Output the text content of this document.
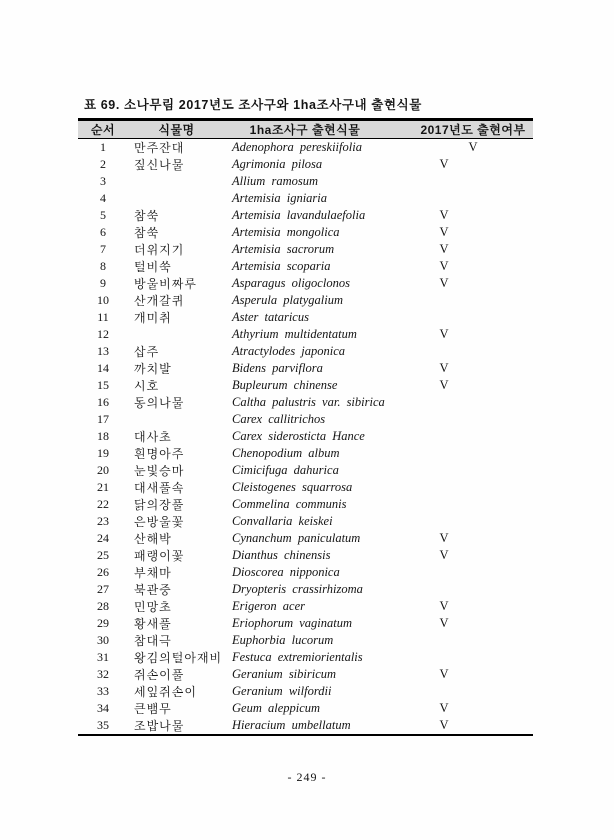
표 69. 소나무림 2017년도 조사구와 1ha조사구내 출현식물
순서	식물명	1ha조사구 출현식물	2017년도 출현여부
1	만주잔대	Adenophora pereskiifolia	V
2	짚신나물	Agrimonia pilosa	V
3		Allium ramosum	
4		Artemisia igniaria	
5	참쑥	Artemisia lavandulaefolia	V
6	참쑥	Artemisia mongolica	V
7	더위지기	Artemisia sacrorum	V
8	털비쑥	Artemisia scoparia	V
9	방울비짜루	Asparagus oligoclonos	V
10	산개갈퀴	Asperula platygalium	
11	개미취	Aster tataricus	
12		Athyrium multidentatum	V
13	삽주	Atractylodes japonica	
14	까치발	Bidens parviflora	V
15	시호	Bupleurum chinense	V
16	동의나물	Caltha palustris var. sibirica	
17		Carex callitrichos	
18	대사초	Carex siderosticta Hance	
19	흰명아주	Chenopodium album	
20	눈빛승마	Cimicifuga dahurica	
21	대새풀속	Cleistogenes squarrosa	
22	닭의장풀	Commelina communis	
23	은방울꽃	Convallaria keiskei	
24	산해박	Cynanchum paniculatum	V
25	패랭이꽃	Dianthus chinensis	V
26	부채마	Dioscorea nipponica	
27	북관중	Dryopteris crassirhizoma	
28	민망초	Erigeron acer	V
29	황새풀	Eriophorum vaginatum	V
30	참대극	Euphorbia lucorum	
31	왕김의털아재비	Festuca extremiorientalis	
32	쥐손이풀	Geranium sibiricum	V
33	세잎쥐손이	Geranium wilfordii	
34	큰뱀무	Geum aleppicum	V
35	조밥나물	Hieracium umbellatum	V
- 249 -
